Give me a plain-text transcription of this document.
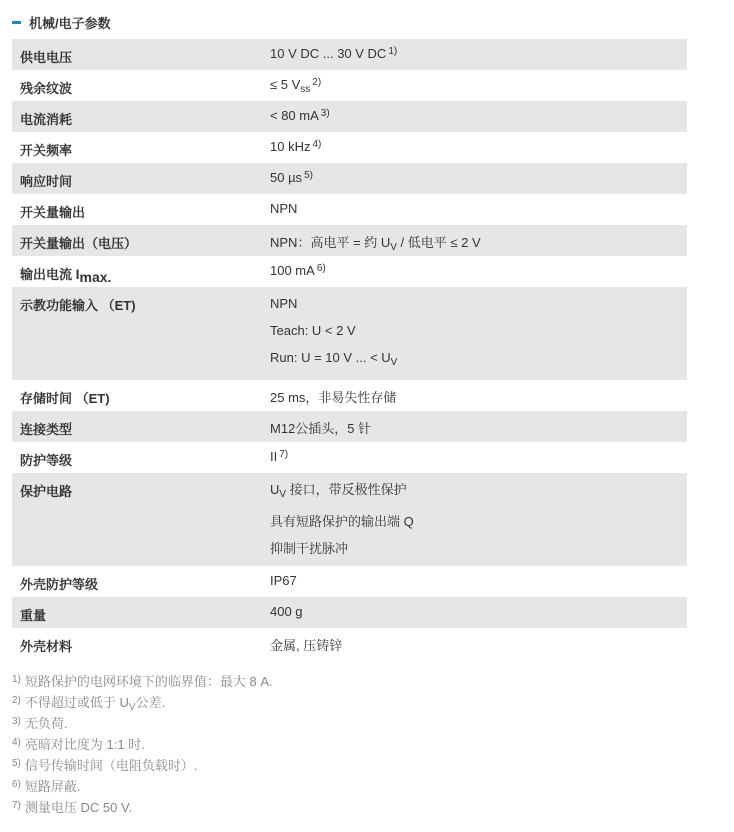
机械/电子参数
供电电压	10 V DC ... 30 V DC $^{1)}$
残余纹波	≤ 5 $V_{ss}^{2)}$
电流消耗	< 80 mA $^{3)}$
开关频率	10 kHz $^{4)}$
响应时间	50 µs $^{5)}$
开关量输出	NPN
开关量输出（电压）	NPN：高电平 = 约 $U_V$ / 低电平 ≤ 2 V
输出电流 $I_{max.}$	100 mA $^{6)}$
示教功能输入 （ET)	NPN
Teach: U < 2 V
Run: U = 10 V ... < $U_V$

存储时间 （ET)	25 ms，非易失性存储
连接类型	M12公插头，5 针
防护等级	II $^{7)}$
保护电路	$U_V$ 接口，带反极性保护
具有短路保护的输出端 Q
抑制干扰脉冲

外壳防护等级	IP67
重量	400 g
外壳材料	金属, 压铸锌
$^{1)}$ 短路保护的电网环境下的临界值：最大 8 A.
$^{2)}$ 不得超过或低于 $U_V$公差.
$^{3)}$ 无负荷.
$^{4)}$ 亮暗对比度为 1:1 时.
$^{5)}$ 信号传输时间（电阻负载时）.
$^{6)}$ 短路屏蔽.
$^{7)}$ 测量电压 DC 50 V.
